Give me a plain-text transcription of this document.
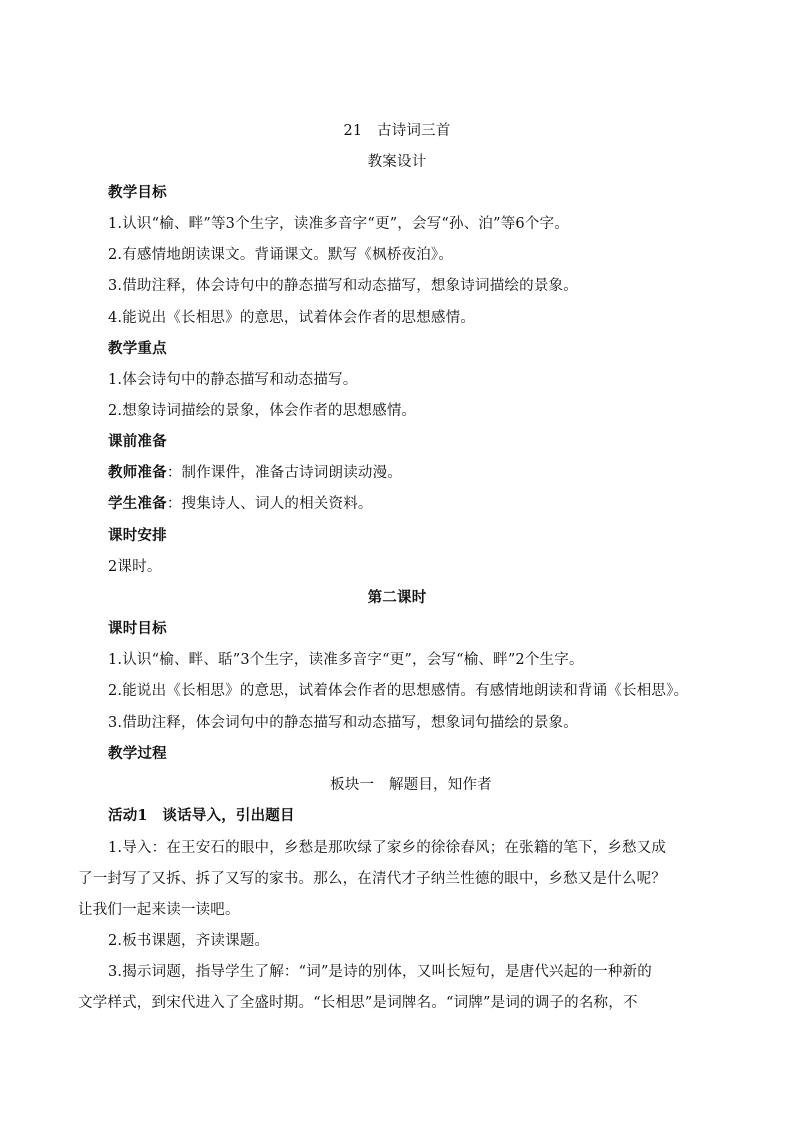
21　古诗词三首
教案设计
教学目标
1.认识“榆、畔”等3个生字，读准多音字“更”，会写“孙、泊”等6个字。
2.有感情地朗读课文。背诵课文。默写《枫桥夜泊》。
3.借助注释，体会诗句中的静态描写和动态描写，想象诗词描绘的景象。
4.能说出《长相思》的意思，试着体会作者的思想感情。
教学重点
1.体会诗句中的静态描写和动态描写。
2.想象诗词描绘的景象，体会作者的思想感情。
课前准备
教师准备：制作课件，准备古诗词朗读动漫。
学生准备：搜集诗人、词人的相关资料。
课时安排
2课时。
第二课时
课时目标
1.认识“榆、畔、聒”3个生字，读准多音字“更”，会写“榆、畔”2个生字。
2.能说出《长相思》的意思，试着体会作者的思想感情。有感情地朗读和背诵《长相思》。
3.借助注释，体会词句中的静态描写和动态描写，想象词句描绘的景象。
教学过程
板块一　解题目，知作者
活动1　谈话导入，引出题目
1.导入：在王安石的眼中，乡愁是那吹绿了家乡的徐徐春风；在张籍的笔下，乡愁又成
了一封写了又拆、拆了又写的家书。那么，在清代才子纳兰性德的眼中，乡愁又是什么呢？
让我们一起来读一读吧。
2.板书课题，齐读课题。
3.揭示词题，指导学生了解：“词”是诗的别体，又叫长短句，是唐代兴起的一种新的
文学样式，到宋代进入了全盛时期。“长相思”是词牌名。“词牌”是词的调子的名称，不
